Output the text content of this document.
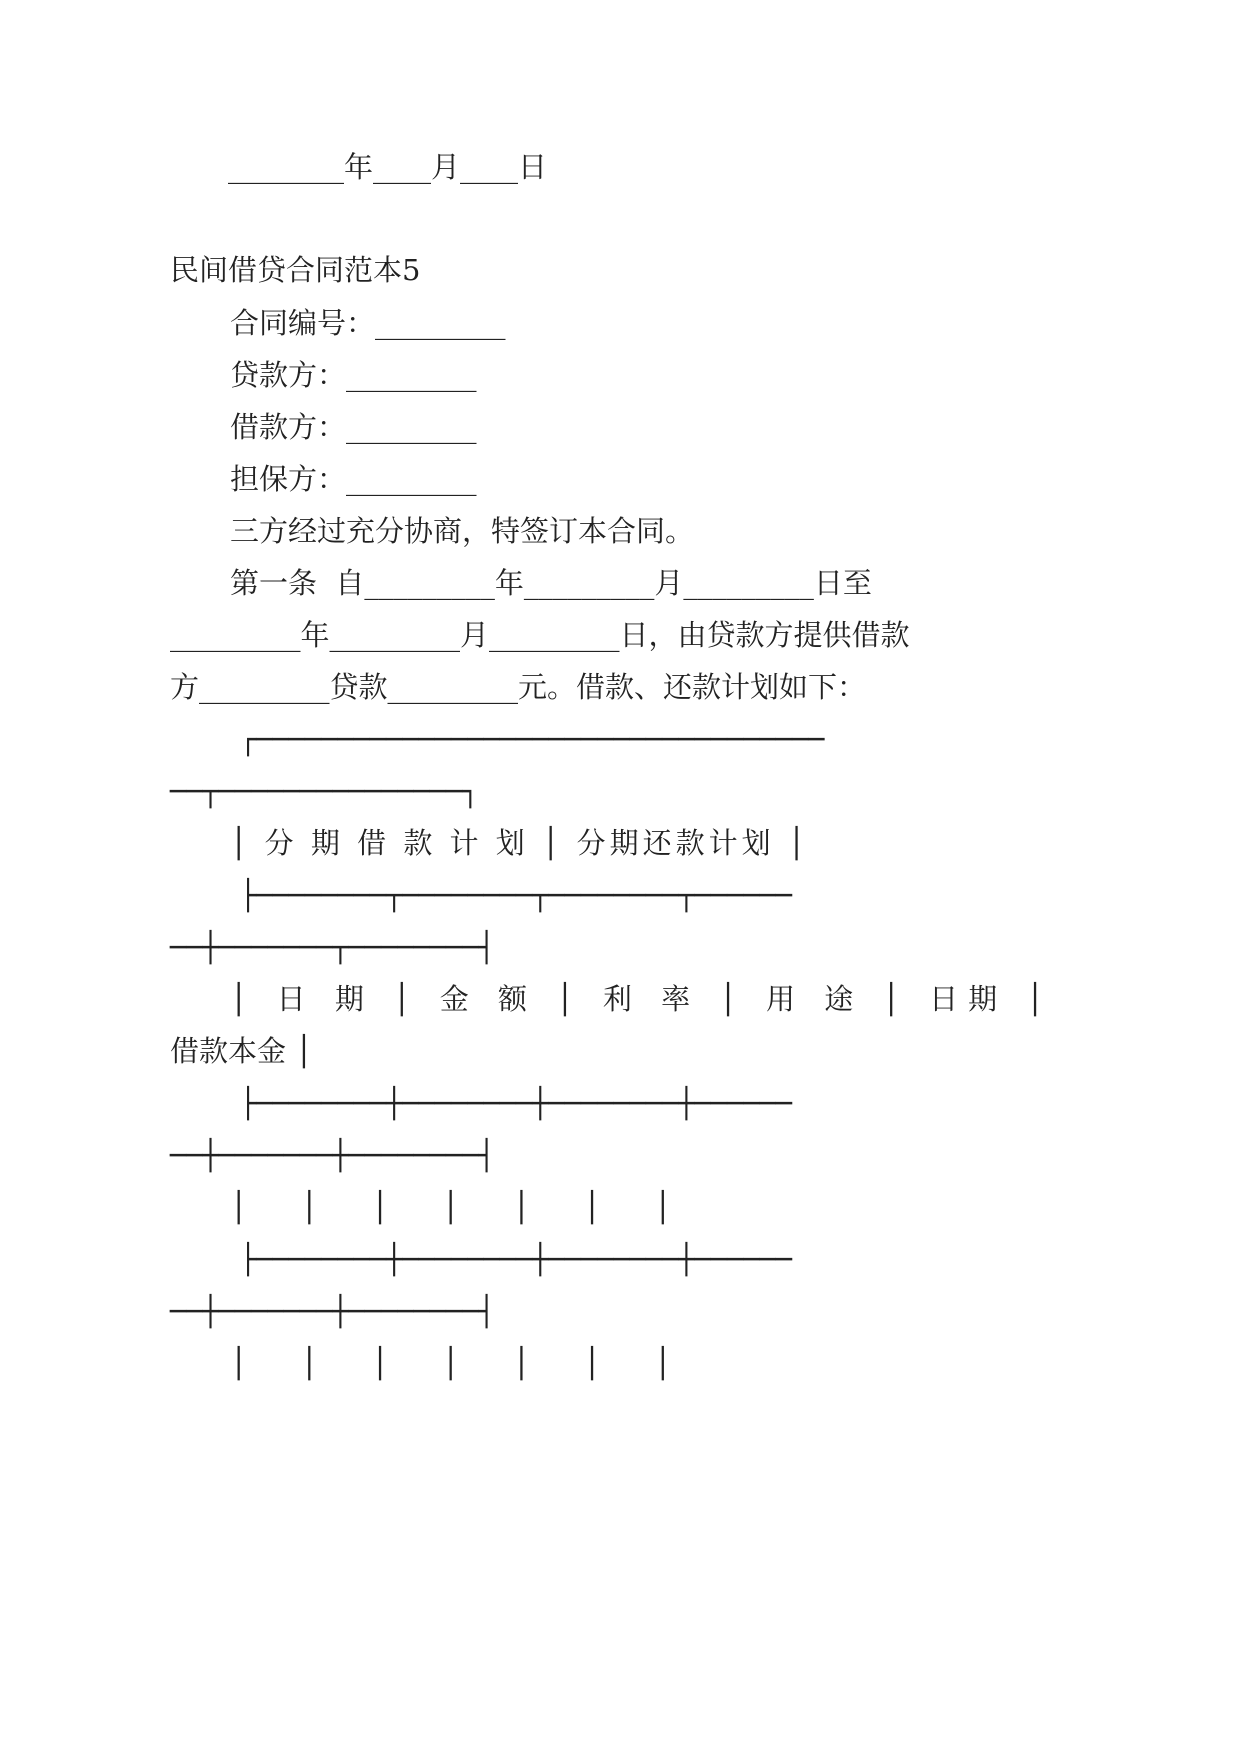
________年____月____日
民间借贷合同范本5
合同编号：_________
贷款方：_________
借款方：_________
担保方：_________
三方经过充分协商，特签订本合同。
第一条  自_________年_________月_________日至
_________年_________月_________日，由贷款方提供借款
方_________贷款_________元。借款、还款计划如下：
┌───────────────────────────────────
──┬───────────────┐
│ 分 期 借 款 计 划 │ 分期还款计划 │
├────────┬────────┬────────┬──────
──┼───────┬────────┤
│ 日 期 │ 金 额 │ 利 率 │ 用 途 │ 日期 │
借款本金 │
├────────┼────────┼────────┼──────
──┼───────┼────────┤
│ │ │ │ │ │ │
├────────┼────────┼────────┼──────
──┼───────┼────────┤
│ │ │ │ │ │ │
